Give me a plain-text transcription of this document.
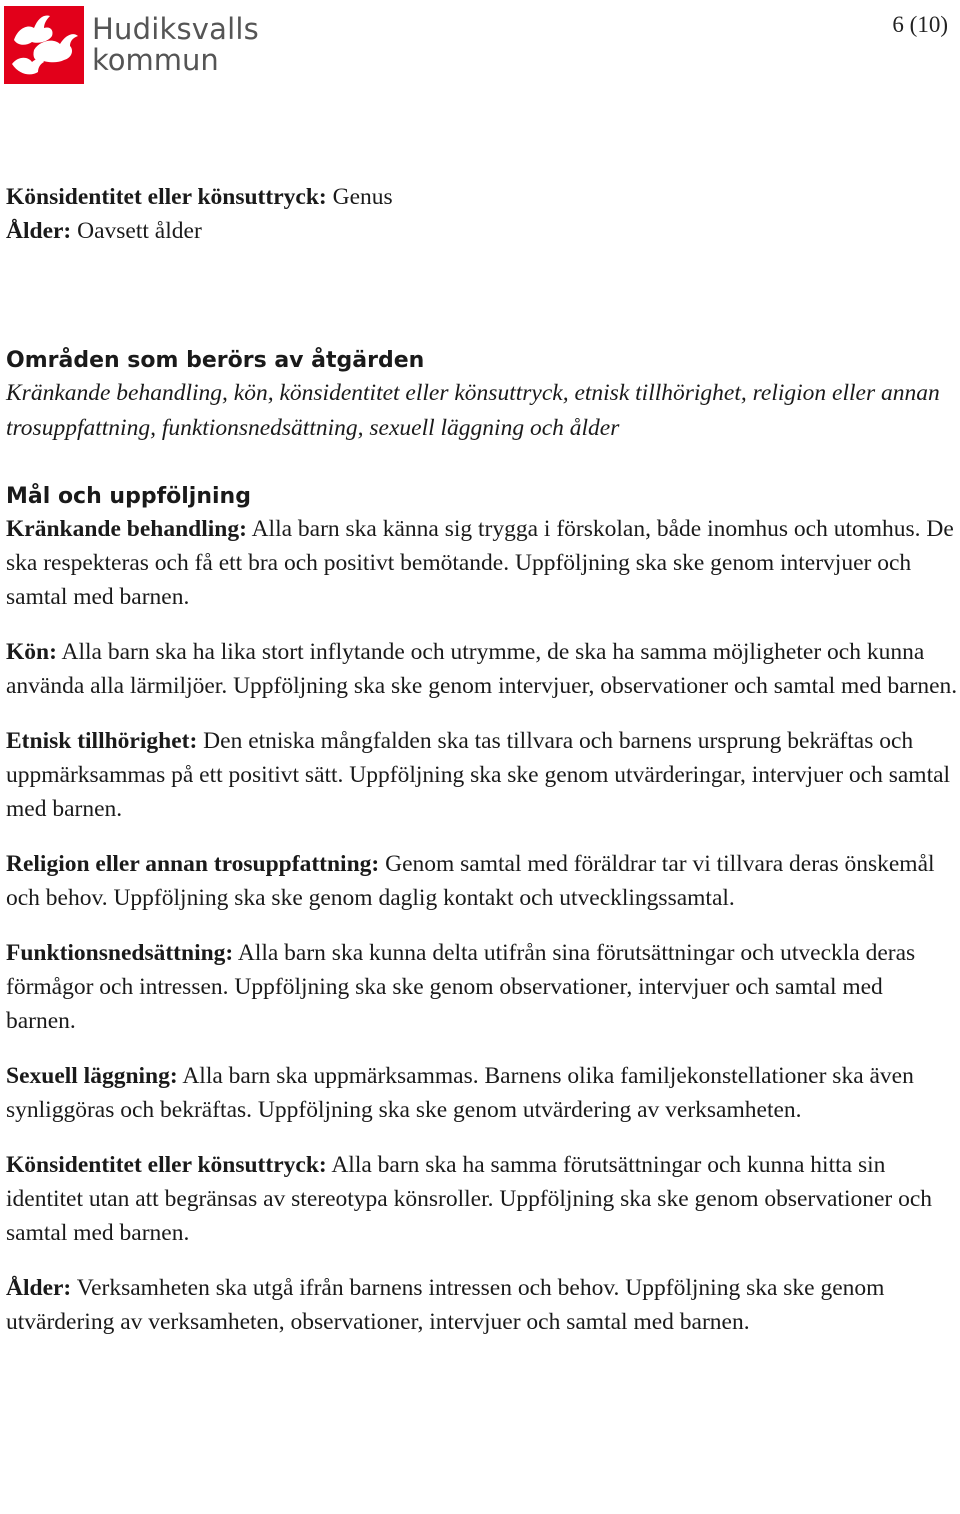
Hudiksvalls
kommun
6 (10)

Könsidentitet eller könsuttryck: Genus

Ålder: Oavsett ålder

Områden som berörs av åtgärden

Kränkande behandling, kön, könsidentitet eller könsuttryck, etnisk tillhörighet, religion eller annan trosuppfattning, funktionsnedsättning, sexuell läggning och ålder

Mål och uppföljning

Kränkande behandling: Alla barn ska känna sig trygga i förskolan, både inomhus och utomhus. De ska respekteras och få ett bra och positivt bemötande. Uppföljning ska ske genom intervjuer och samtal med barnen.

Kön: Alla barn ska ha lika stort inflytande och utrymme, de ska ha samma möjligheter och kunna använda alla lärmiljöer. Uppföljning ska ske genom intervjuer, observationer och samtal med barnen.

Etnisk tillhörighet: Den etniska mångfalden ska tas tillvara och barnens ursprung bekräftas och uppmärksammas på ett positivt sätt. Uppföljning ska ske genom utvärderingar, intervjuer och samtal med barnen.

Religion eller annan trosuppfattning: Genom samtal med föräldrar tar vi tillvara deras önskemål och behov. Uppföljning ska ske genom daglig kontakt och utvecklingssamtal.

Funktionsnedsättning: Alla barn ska kunna delta utifrån sina förutsättningar och utveckla deras förmågor och intressen. Uppföljning ska ske genom observationer, intervjuer och samtal med barnen.

Sexuell läggning: Alla barn ska uppmärksammas. Barnens olika familjekonstellationer ska även synliggöras och bekräftas. Uppföljning ska ske genom utvärdering av verksamheten.

Könsidentitet eller könsuttryck: Alla barn ska ha samma förutsättningar och kunna hitta sin identitet utan att begränsas av stereotypa könsroller. Uppföljning ska ske genom observationer och samtal med barnen.

Ålder: Verksamheten ska utgå ifrån barnens intressen och behov. Uppföljning ska ske genom utvärdering av verksamheten, observationer, intervjuer och samtal med barnen.
